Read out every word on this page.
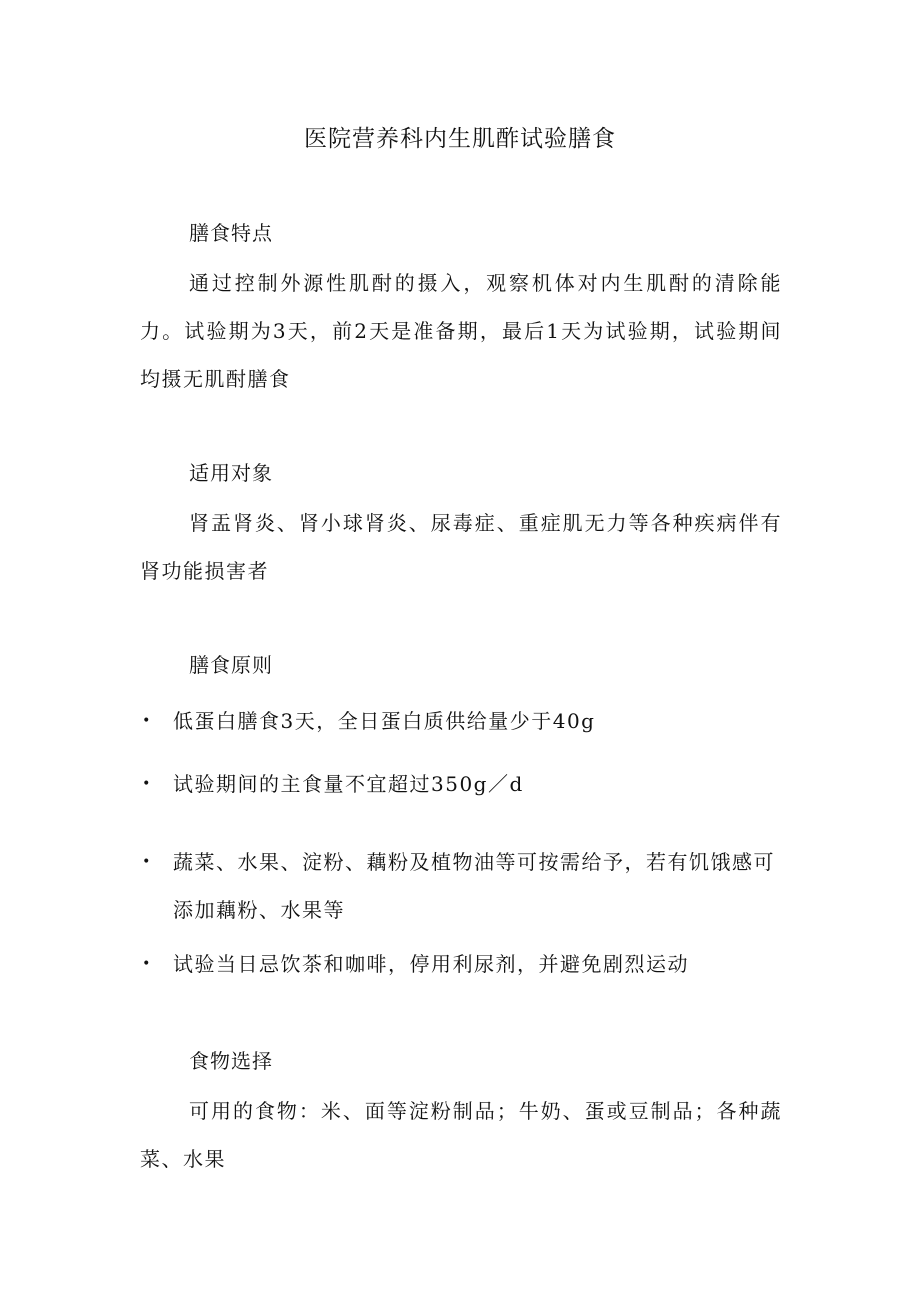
医院营养科内生肌酢试验膳食
膳食特点
通过控制外源性肌酎的摄入，观察机体对内生肌酎的清除能力。试验期为3天，前2天是准备期，最后1天为试验期，试验期间均摄无肌酎膳食
适用对象
肾盂肾炎、肾小球肾炎、尿毒症、重症肌无力等各种疾病伴有肾功能损害者
膳食原则
• 低蛋白膳食3天，全日蛋白质供给量少于40g
• 试验期间的主食量不宜超过350g／d
• 蔬菜、水果、淀粉、藕粉及植物油等可按需给予，若有饥饿感可添加藕粉、水果等
• 试验当日忌饮茶和咖啡，停用利尿剂，并避免剧烈运动
食物选择
可用的食物：米、面等淀粉制品；牛奶、蛋或豆制品；各种蔬菜、水果
